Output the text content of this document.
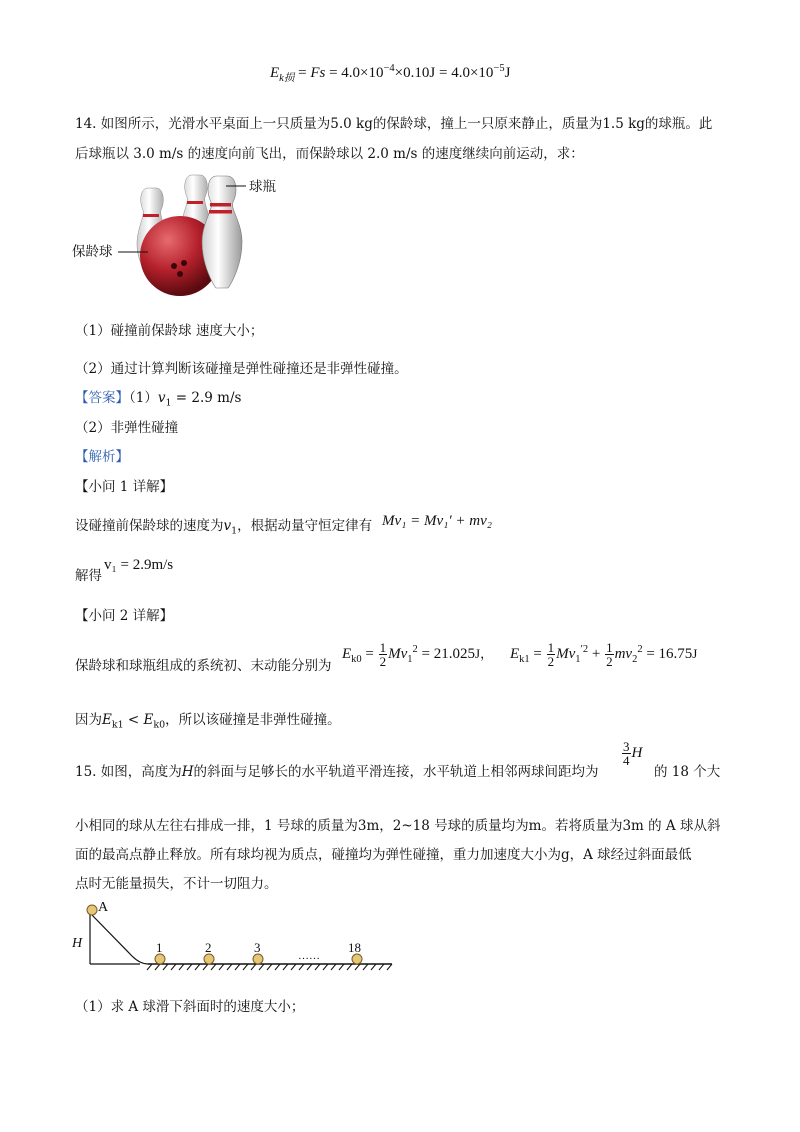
$E_{k损} = Fs = 4.0\times 10^{-4}\times 0.10J = 4.0\times 10^{-5}J$
14. 如图所示，光滑水平桌面上一只质量为5.0 kg的保龄球，撞上一只原来静止，质量为1.5 kg的球瓶。此
后球瓶以 3.0 m/s 的速度向前飞出，而保龄球以 2.0 m/s 的速度继续向前运动，求：
球瓶
保龄球
（1）碰撞前保龄球 速度大小；
（2）通过计算判断该碰撞是弹性碰撞还是非弹性碰撞。
【答案】$(1)v_1 = 2.9$ m/s
（2）非弹性碰撞
【解析】
【小问 1 详解】
设碰撞前保龄球的速度为$v_1$，根据动量守恒定律有 Mv₁ = Mv₁′ + mv₂
解得
v₁ = 2.9m/s
【小问 2 详解】
保龄球和球瓶组成的系统初、末动能分别为
$E_{k0} = \frac{1}{2} Mv_1^2 = 21.025J$， $E_{k1} = \frac{1}{2} Mv_1^{'2} + \frac{1}{2} mv_2^2 = 16.75J$
因为$E_{k1} < E_{k0}$，所以该碰撞是非弹性碰撞。
15. 如图，高度为H的斜面与足够长的水平轨道平滑连接，水平轨道上相邻两球间距均为
$\frac{3}{4}$ H
的 18 个大
小相同的球从左往右排成一排，1 号球的质量为3m，2~18 号球的质量均为m。若将质量为3m 的 A 球从斜
面的最高点静止释放。所有球均视为质点，碰撞均为弹性碰撞，重力加速度大小为g，A 球经过斜面最低
点时无能量损失，不计一切阻力。
A
H	1	2	3
……
18
（1）求 A 球滑下斜面时的速度大小；
